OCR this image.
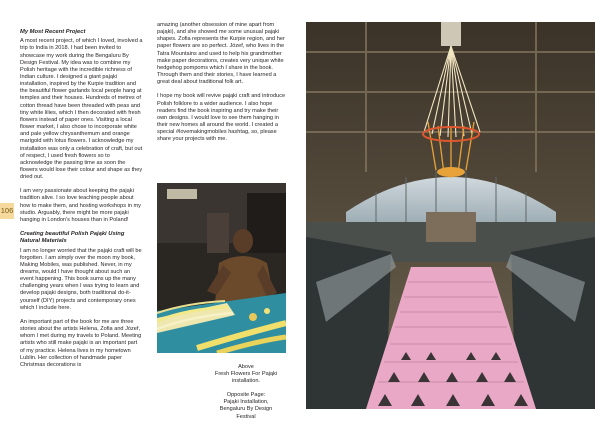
My Most Recent Project

A most recent project, of which I loved, involved a trip to India in 2018. I had been invited to showcase my work during the Bengaluru By Design Festival. My idea was to combine my Polish heritage with the incredible richness of Indian culture. I designed a giant pająki installation, inspired by the Kurpie tradition and the beautiful flower garlands local people hang at temples and their houses. Hundreds of metres of cotton thread have been threaded with peas and tiny white lilies, which I then decorated with fresh flowers instead of paper ones. Visiting a local flower market, I also chose to incorporate white and pale yellow chrysanthemum and orange marigold with lotus flowers. I acknowledge my installation was only a celebration of craft, but out of respect, I used fresh flowers so to acknowledge the passing time as soon the flowers would lose their colour and shape as they dried out.

I am very passionate about keeping the pająki tradition alive. I so love teaching people about how to make them, and hosting workshops in my studio. Arguably, there might be more pająki hanging in London's houses than in Poland!

Creating beautiful Polish Pająki Using Natural Materials

I am no longer worried that the pająki craft will be forgotten. I am simply over the moon my book, Making Mobiles, was published. Never, in my dreams, would I have thought about such an event happening. This book sums up the many challenging years when I was trying to learn and develop pająki designs, both traditional do-it-yourself (DIY) projects and contemporary ones which I include here.

An important part of the book for me are three stories about the artists Helena, Zofia and Józef, whom I met during my travels to Poland. Meeting artists who still make pająki is an important part of my practice. Helena lives in my hometown Lublin. Her collection of handmade paper Christmas decorations is

amazing (another obsession of mine apart from pająki), and she showed me some unusual pająki shapes. Zofia represents the Kurpie region, and her paper flowers are so perfect. Józef, who lives in the Tatra Mountains and used to help his grandmother make paper decorations, creates very unique white hedgehog pompoms which I share in the book. Through them and their stories, I have learned a great deal about traditional folk art.

I hope my book will revive pająki craft and introduce Polish folklore to a wider audience. I also hope readers find the book inspiring and try make their own designs. I would love to see them hanging in their new homes all around the world. I created a special #lovemakingmobiles hashtag, so, please share your projects with me.

106

Above
Fresh Flowers For Pająki installation.

Opposite Page:
Pająki Installation, Bengaluru By Design Festival
